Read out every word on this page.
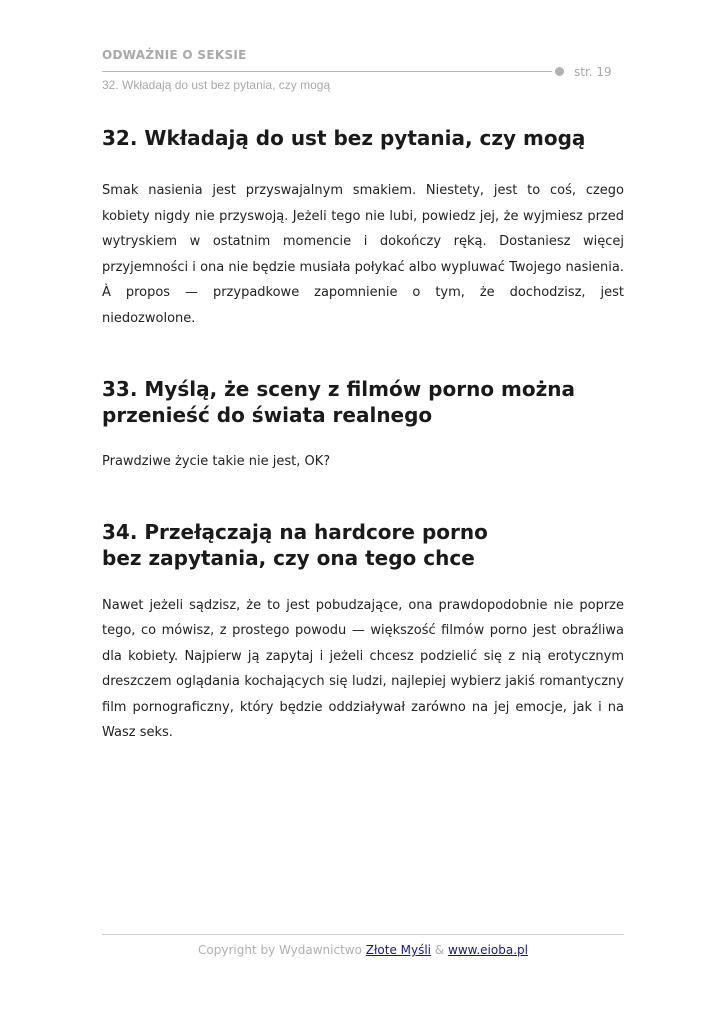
ODWAŻNIE O SEKSIE
str. 19
32. Wkładają do ust bez pytania, czy mogą
32. Wkładają do ust bez pytania, czy mogą

Smak nasienia jest przyswajalnym smakiem. Niestety, jest to coś, czego kobiety nigdy nie przyswoją. Jeżeli tego nie lubi, powiedz jej, że wyjmiesz przed wytryskiem w ostatnim momencie i dokończy ręką. Dostaniesz więcej przyjemności i ona nie będzie musiała połykać albo wypluwać Twojego nasienia. À propos — przypadkowe zapomnienie o tym, że dochodzisz, jest niedozwolone.

33. Myślą, że sceny z filmów porno można
przenieść do świata realnego

Prawdziwe życie takie nie jest, OK?

34. Przełączają na hardcore porno
bez zapytania, czy ona tego chce

Nawet jeżeli sądzisz, że to jest pobudzające, ona prawdopodobnie nie poprze tego, co mówisz, z prostego powodu — większość filmów porno jest obraźliwa dla kobiety. Najpierw ją zapytaj i jeżeli chcesz podzielić się z nią erotycznym dreszczem oglądania kochających się ludzi, najlepiej wybierz jakiś romantyczny film pornograficzny, który będzie oddziaływał zarówno na jej emocje, jak i na Wasz seks.

Copyright by Wydawnictwo Złote Myśli & www.eioba.pl
